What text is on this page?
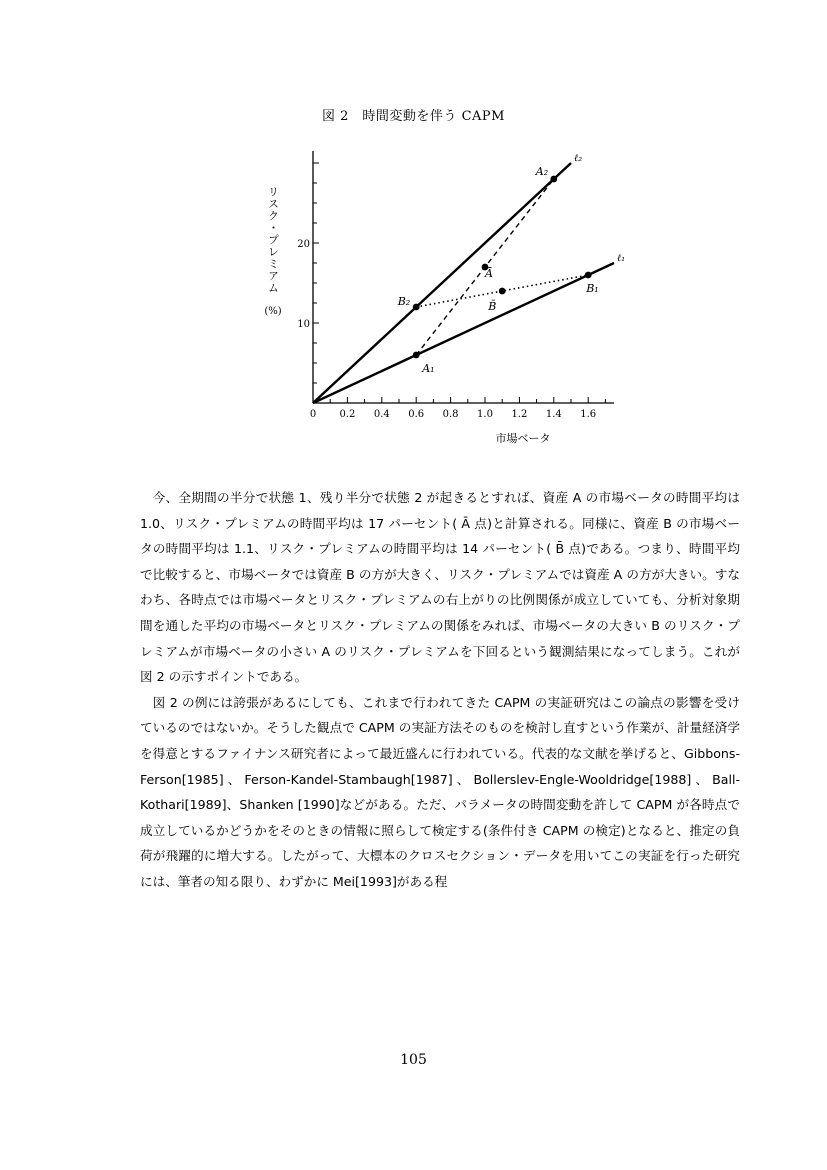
図 2　時間変動を伴う CAPM
0 0.2 0.4 0.6 0.8 1.0 1.2 1.4 1.6
10
20
市場ベータ
リスク・プレミアム
(%)
ℓ₂
ℓ₁
A₂
A₁
Ā
B₂
B₁
B̄

今、全期間の半分で状態 1、残り半分で状態 2 が起きるとすれば、資産 A の市場ベータの時間平均は 1.0、リスク・プレミアムの時間平均は 17 パーセント( Ā 点)と計算される。同様に、資産 B の市場ベータの時間平均は 1.1、リスク・プレミアムの時間平均は 14 パーセント( B̄ 点)である。つまり、時間平均で比較すると、市場ベータでは資産 B の方が大きく、リスク・プレミアムでは資産 A の方が大きい。すなわち、各時点では市場ベータとリスク・プレミアムの右上がりの比例関係が成立していても、分析対象期間を通した平均の市場ベータとリスク・プレミアムの関係をみれば、市場ベータの大きい B のリスク・プレミアムが市場ベータの小さい A のリスク・プレミアムを下回るという観測結果になってしまう。これが図 2 の示すポイントである。

図 2 の例には誇張があるにしても、これまで行われてきた CAPM の実証研究はこの論点の影響を受けているのではないか。そうした観点で CAPM の実証方法そのものを検討し直すという作業が、計量経済学を得意とするファイナンス研究者によって最近盛んに行われている。代表的な文献を挙げると、Gibbons-Ferson[1985]、Ferson-Kandel-Stambaugh[1987]、Bollerslev-Engle-Wooldridge[1988]、Ball-Kothari[1989]、Shanken [1990]などがある。ただ、パラメータの時間変動を許して CAPM が各時点で成立しているかどうかをそのときの情報に照らして検定する(条件付き CAPM の検定)となると、推定の負荷が飛躍的に増大する。したがって、大標本のクロスセクション・データを用いてこの実証を行った研究には、筆者の知る限り、わずかに Mei[1993]がある程

105
